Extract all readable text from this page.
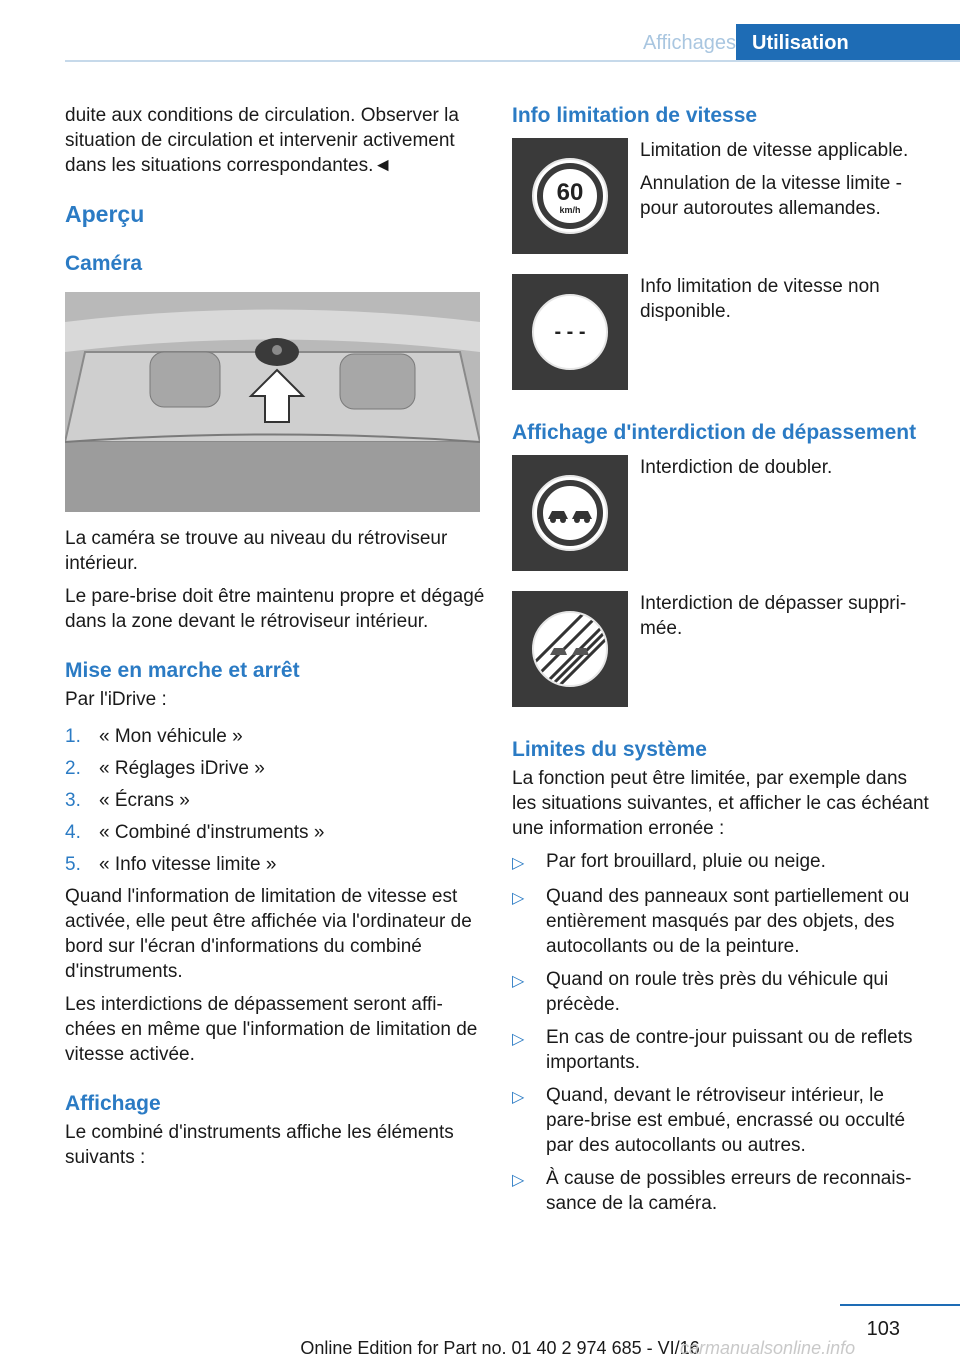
Affichages Utilisation

duite aux conditions de circulation. Observer la situation de circulation et intervenir activement dans les situations correspondantes.◄

Aperçu
Caméra

La caméra se trouve au niveau du rétroviseur intérieur.

Le pare-brise doit être maintenu propre et dégagé dans la zone devant le rétroviseur intérieur.

Mise en marche et arrêt

Par l'iDrive :

1. « Mon véhicule »
2. « Réglages iDrive »
3. « Écrans »
4. « Combiné d'instruments »
5. « Info vitesse limite »

Quand l'information de limitation de vitesse est activée, elle peut être affichée via l'ordinateur de bord sur l'écran d'informations du combiné d'instruments.

Les interdictions de dépassement seront affichées en même que l'information de limitation de vitesse activée.

Affichage

Le combiné d'instruments affiche les éléments suivants :

Info limitation de vitesse
60
km/h

Limitation de vitesse applicable.

Annulation de la vitesse limite - pour autoroutes allemandes.

- - -

Info limitation de vitesse non disponible.

Affichage d'interdiction de dépassement

Interdiction de doubler.

Interdiction de dépasser supprimée.

Limites du système

La fonction peut être limitée, par exemple dans les situations suivantes, et afficher le cas échéant une information erronée :

▷	Par fort brouillard, pluie ou neige.
▷	Quand des panneaux sont partiellement ou entièrement masqués par des objets, des autocollants ou de la peinture.
▷	Quand on roule très près du véhicule qui précède.
▷	En cas de contre-jour puissant ou de reflets importants.
▷	Quand, devant le rétroviseur intérieur, le pare-brise est embué, encrassé ou occulté par des autocollants ou autres.
▷	À cause de possibles erreurs de reconnaissance de la caméra.
103
Online Edition for Part no. 01 40 2 974 685 - VI/16
carmanualsonline.info
